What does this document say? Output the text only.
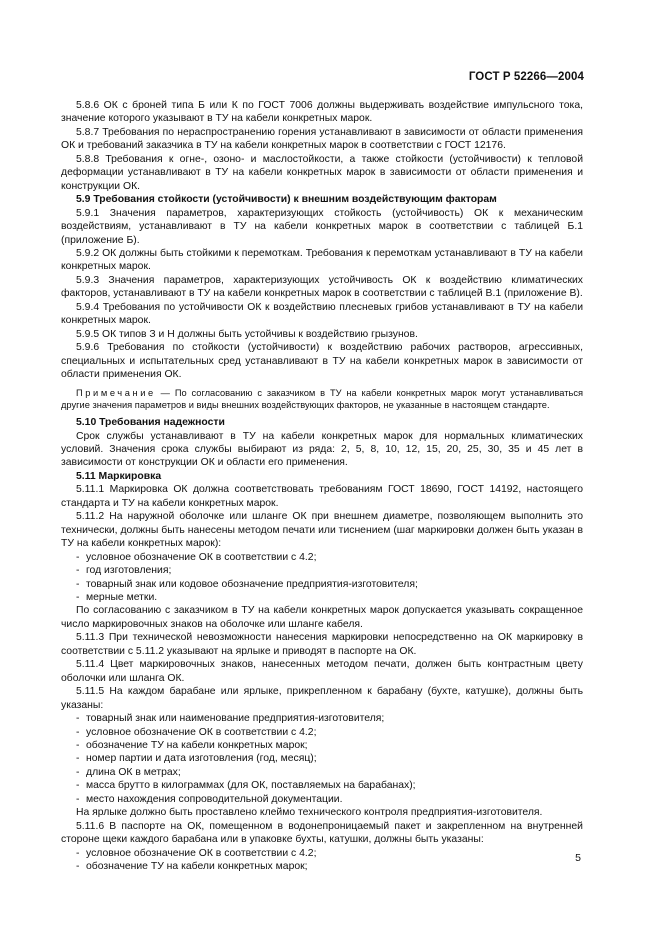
ГОСТ Р 52266—2004

5.8.6 ОК с броней типа Б или К по ГОСТ 7006 должны выдерживать воздействие импульсного тока, значение которого указывают в ТУ на кабели конкретных марок.

5.8.7 Требования по нераспространению горения устанавливают в зависимости от области применения ОК и требований заказчика в ТУ на кабели конкретных марок в соответствии с ГОСТ 12176.

5.8.8 Требования к огне-, озоно- и маслостойкости, а также стойкости (устойчивости) к тепловой деформации устанавливают в ТУ на кабели конкретных марок в зависимости от области применения и конструкции ОК.

5.9 Требования стойкости (устойчивости) к внешним воздействующим факторам

5.9.1 Значения параметров, характеризующих стойкость (устойчивость) ОК к механическим воздействиям, устанавливают в ТУ на кабели конкретных марок в соответствии с таблицей Б.1 (приложение Б).

5.9.2 ОК должны быть стойкими к перемоткам. Требования к перемоткам устанавливают в ТУ на кабели конкретных марок.

5.9.3 Значения параметров, характеризующих устойчивость ОК к воздействию климатических факторов, устанавливают в ТУ на кабели конкретных марок в соответствии с таблицей В.1 (приложение В).

5.9.4 Требования по устойчивости ОК к воздействию плесневых грибов устанавливают в ТУ на кабели конкретных марок.

5.9.5 ОК типов З и Н должны быть устойчивы к воздействию грызунов.

5.9.6 Требования по стойкости (устойчивости) к воздействию рабочих растворов, агрессивных, специальных и испытательных сред устанавливают в ТУ на кабели конкретных марок в зависимости от области применения ОК.

Примечание — По согласованию с заказчиком в ТУ на кабели конкретных марок могут устанавливаться другие значения параметров и виды внешних воздействующих факторов, не указанные в настоящем стандарте.

5.10 Требования надежности

Срок службы устанавливают в ТУ на кабели конкретных марок для нормальных климатических условий. Значения срока службы выбирают из ряда: 2, 5, 8, 10, 12, 15, 20, 25, 30, 35 и 45 лет в зависимости от конструкции ОК и области его применения.

5.11 Маркировка

5.11.1 Маркировка ОК должна соответствовать требованиям ГОСТ 18690, ГОСТ 14192, настоящего стандарта и ТУ на кабели конкретных марок.

5.11.2 На наружной оболочке или шланге ОК при внешнем диаметре, позволяющем выполнить это технически, должны быть нанесены методом печати или тиснением (шаг маркировки должен быть указан в ТУ на кабели конкретных марок):

- условное обозначение ОК в соответствии с 4.2;

- год изготовления;

- товарный знак или кодовое обозначение предприятия-изготовителя;

- мерные метки.

По согласованию с заказчиком в ТУ на кабели конкретных марок допускается указывать сокращенное число маркировочных знаков на оболочке или шланге кабеля.

5.11.3 При технической невозможности нанесения маркировки непосредственно на ОК маркировку в соответствии с 5.11.2 указывают на ярлыке и приводят в паспорте на ОК.

5.11.4 Цвет маркировочных знаков, нанесенных методом печати, должен быть контрастным цвету оболочки или шланга ОК.

5.11.5 На каждом барабане или ярлыке, прикрепленном к барабану (бухте, катушке), должны быть указаны:

- товарный знак или наименование предприятия-изготовителя;

- условное обозначение ОК в соответствии с 4.2;

- обозначение ТУ на кабели конкретных марок;

- номер партии и дата изготовления (год, месяц);

- длина ОК в метрах;

- масса брутто в килограммах (для ОК, поставляемых на барабанах);

- место нахождения сопроводительной документации.

На ярлыке должно быть проставлено клеймо технического контроля предприятия-изготовителя.

5.11.6 В паспорте на ОК, помещенном в водонепроницаемый пакет и закрепленном на внутренней стороне щеки каждого барабана или в упаковке бухты, катушки, должны быть указаны:

- условное обозначение ОК в соответствии с 4.2;

- обозначение ТУ на кабели конкретных марок;

5
